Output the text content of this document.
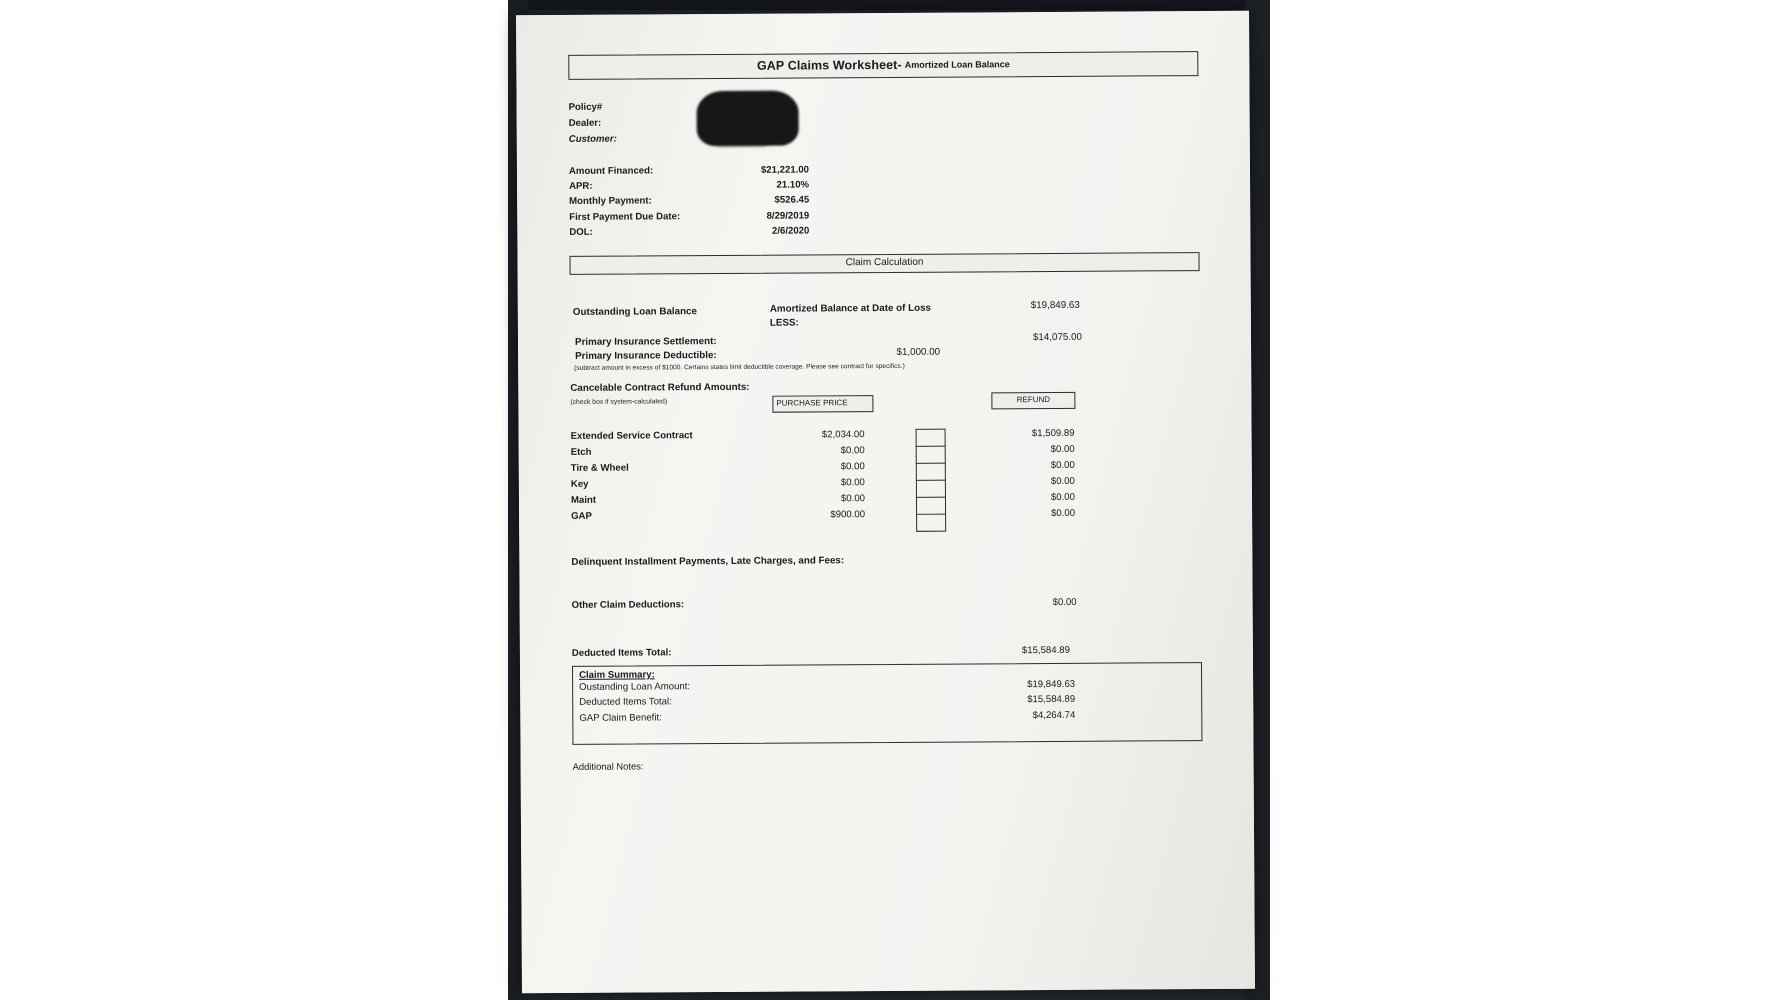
GAP Claims Worksheet- Amortized Loan Balance
Policy#
Dealer:
Customer:
Amount Financed:	$21,221.00
APR:	21.10%
Monthly Payment:	$526.45
First Payment Due Date:	8/29/2019
DOL:	2/6/2020
Claim Calculation
Outstanding Loan Balance	Amortized Balance at Date of Loss	$19,849.63
LESS:
Primary Insurance Settlement:	$14,075.00
Primary Insurance Deductible:	$1,000.00
(subtract amount in excess of $1000. Certains states limit deductible coverage. Please see contract for specifics.)
Cancelable Contract Refund Amounts:
(check box if system-calculated)	PURCHASE PRICE	REFUND
Extended Service Contract	$2,034.00	$1,509.89
Etch	$0.00	$0.00
Tire & Wheel	$0.00	$0.00
Key	$0.00	$0.00
Maint	$0.00	$0.00
GAP	$900.00	$0.00
Delinquent Installment Payments, Late Charges, and Fees:
Other Claim Deductions:	$0.00
Deducted Items Total:	$15,584.89
Claim Summary:
Oustanding Loan Amount:	$19,849.63
Deducted Items Total:	$15,584.89
GAP Claim Benefit:	$4,264.74
Additional Notes:
